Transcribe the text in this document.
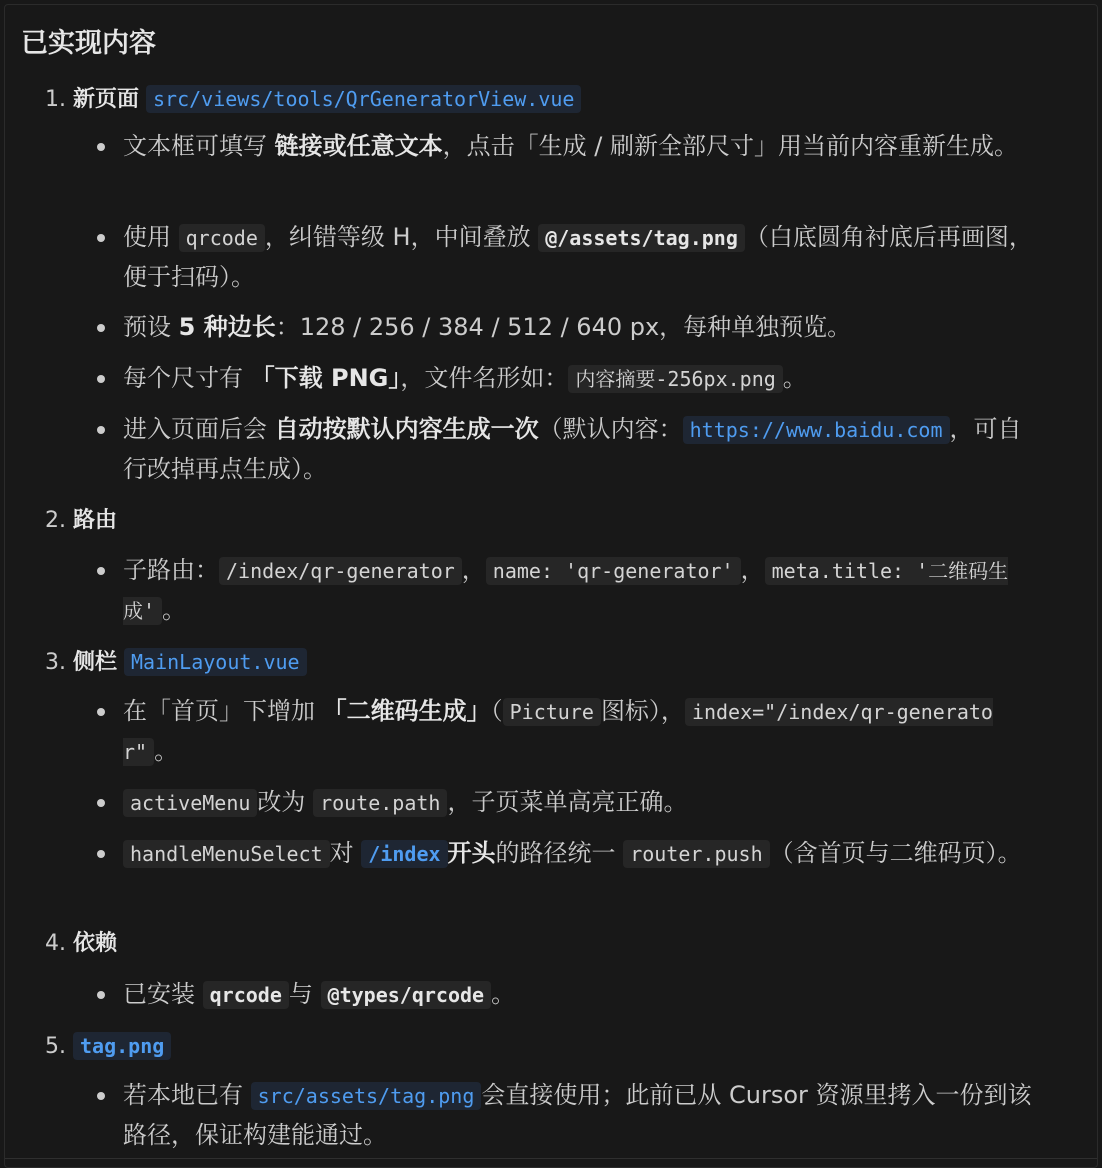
已实现内容
1. 新页面 src/views/tools/QrGeneratorView.vue
文本框可填写 链接或任意文本，点击「生成 / 刷新全部尺寸」用当前内容重新生成。
使用 qrcode ，纠错等级 H，中间叠放 @/assets/tag.png （白底圆角衬底后再画图，便于扫码）。
预设 5 种边长：128 / 256 / 384 / 512 / 640 px，每种单独预览。
每个尺寸有 「下载 PNG」，文件名形如： 内容摘要-256px.png 。
进入页面后会 自动按默认内容生成一次（默认内容： https://www.baidu.com ，可自行改掉再点生成）。
2. 路由
子路由： /index/qr-generator ， name: 'qr-generator' ， meta.title: '二维码生成' 。
3. 侧栏 MainLayout.vue
在「首页」下增加 「二维码生成」（ Picture 图标）， index="/index/qr-generator" 。
activeMenu 改为 route.path ，子页菜单高亮正确。
handleMenuSelect 对 /index 开头的路径统一 router.push （含首页与二维码页）。
4. 依赖
已安装 qrcode 与 @types/qrcode 。
5. tag.png
若本地已有 src/assets/tag.png 会直接使用；此前已从 Cursor 资源里拷入一份到该路径，保证构建能通过。
